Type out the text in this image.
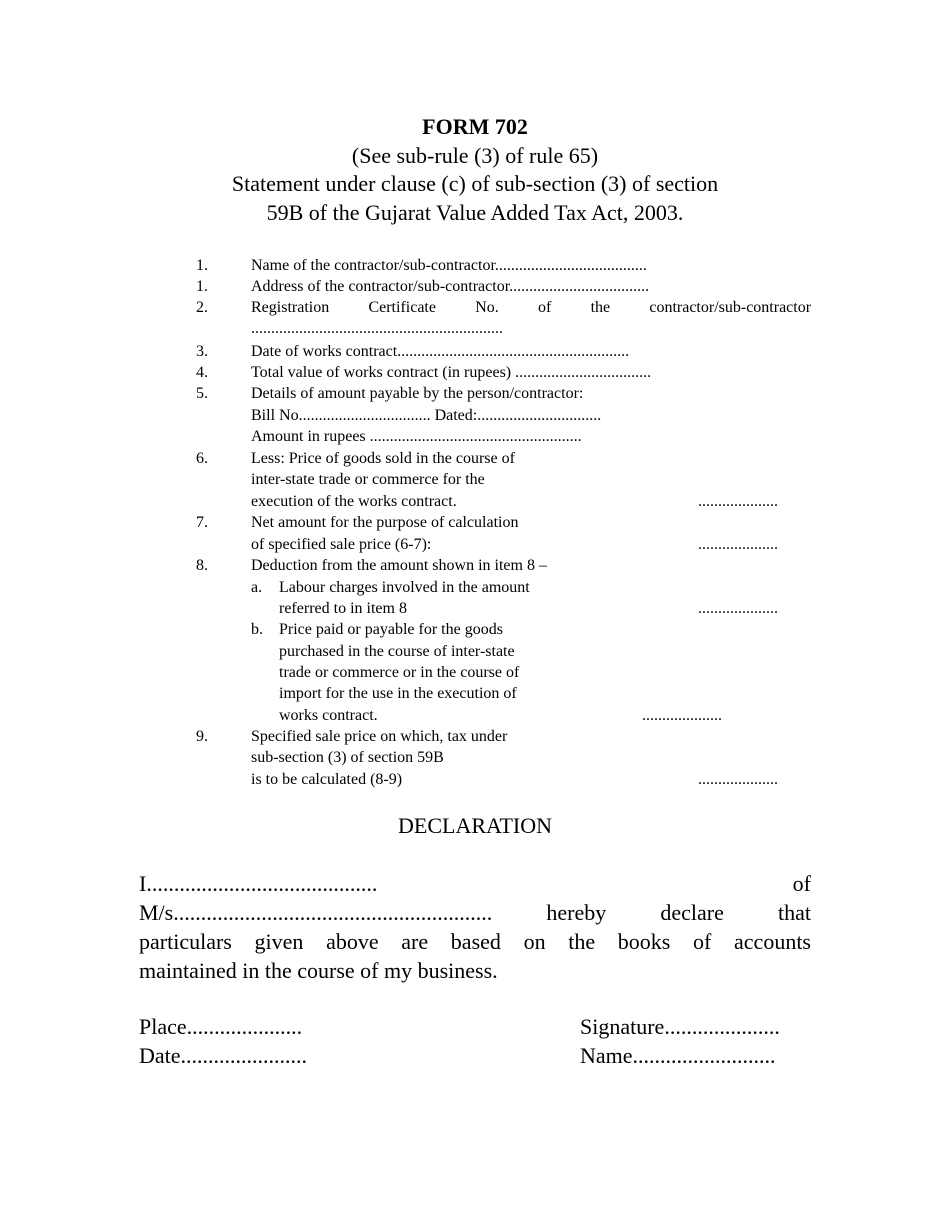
FORM 702
(See sub-rule (3) of rule 65)
Statement under clause (c) of sub-section (3) of section
59B of the Gujarat Value Added Tax Act, 2003.
1.	Name of the contractor/sub-contractor......................................
1.	Address of the contractor/sub-contractor...................................
2.	Registration Certificate No. of the contractor/sub-contractor
...............................................................
3.	Date of works contract..........................................................
4.	Total value of works contract (in rupees) ..................................
5.	Details of amount payable by the person/contractor:
Bill No................................. Dated:...............................
Amount in rupees .....................................................
6.	Less: Price of goods sold in the course of
inter-state trade or commerce for the
execution of the works contract.	....................
7.	Net amount for the purpose of calculation
of specified sale price (6-7):	....................
8.	Deduction from the amount shown in item 8 –
a. Labour charges involved in the amount
referred to in item 8	....................
b. Price paid or payable for the goods
purchased in the course of inter-state
trade or commerce or in the course of
import for the use in the execution of
works contract.	....................
9.	Specified sale price on which, tax under
sub-section (3) of section 59B
is to be calculated (8-9)	....................
DECLARATION
I..........................................	of
M/s.......................................................... hereby declare that
particulars given above are based on the books of accounts
maintained in the course of my business.
Place.....................
Date.......................
Signature.....................
Name..........................
